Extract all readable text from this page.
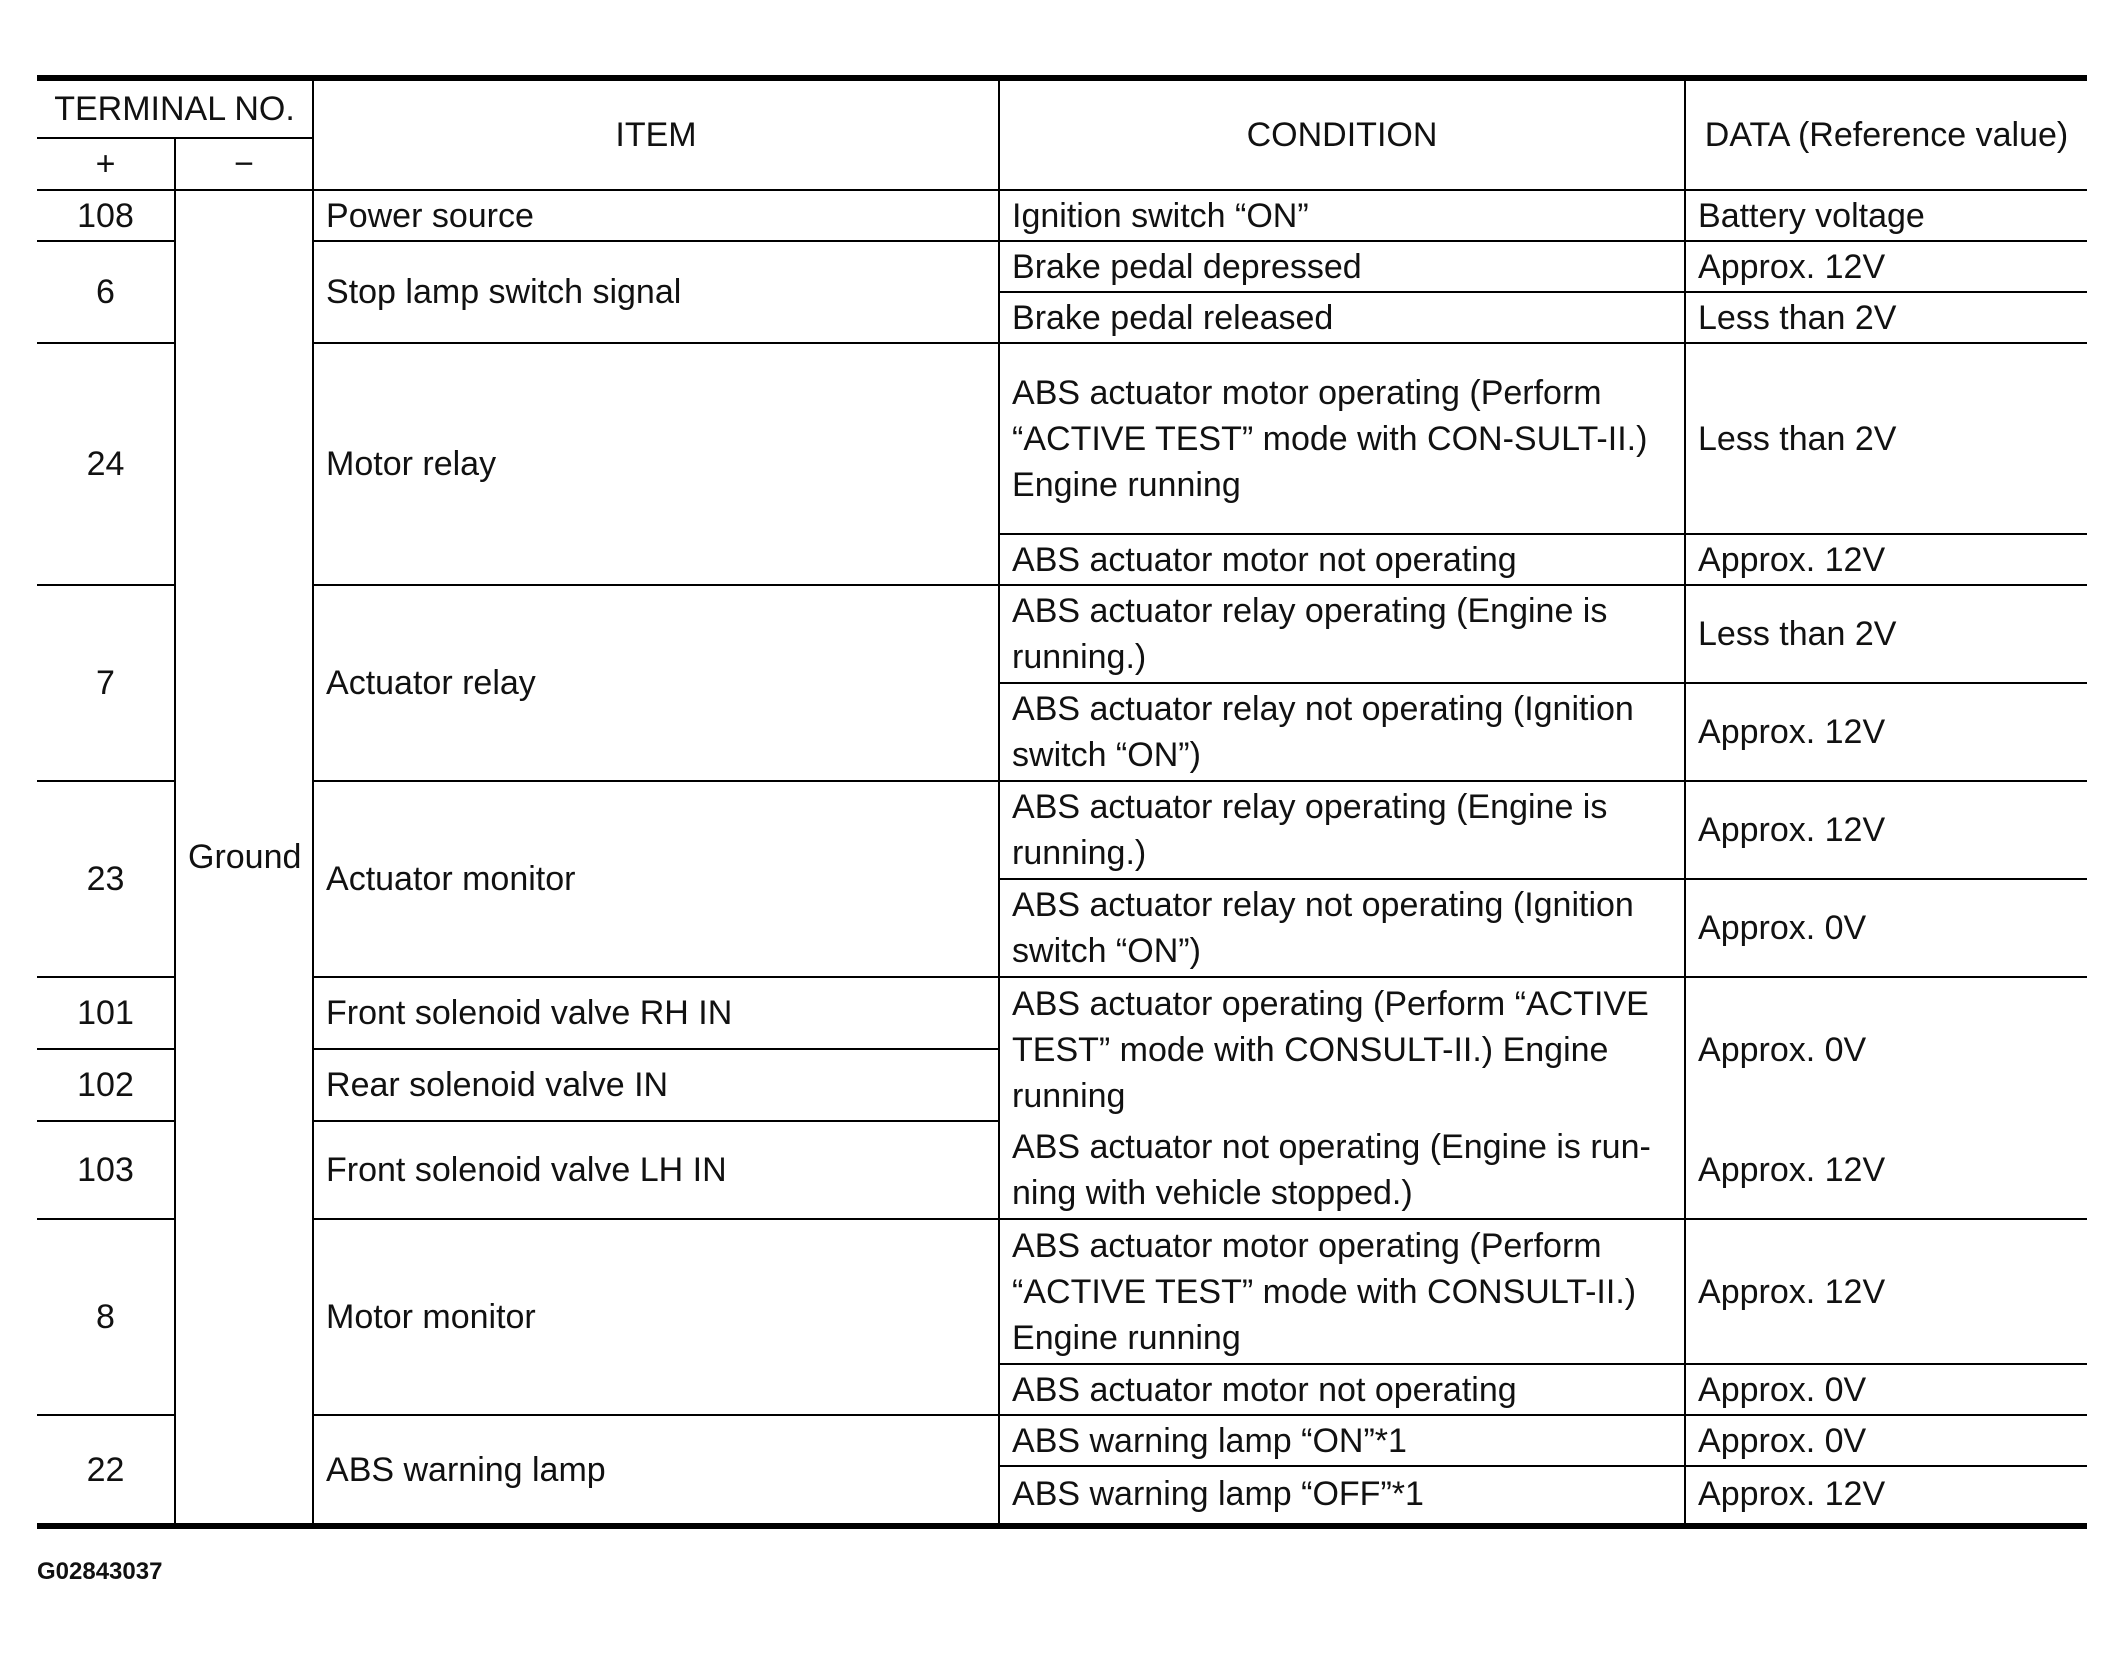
TERMINAL NO.		ITEM	CONDITION	DATA (Reference value)
+	−			
108	Ground	Power source	Ignition switch “ON”	Battery voltage
6		Stop lamp switch signal	Brake pedal depressed	Approx. 12V
			Brake pedal released	Less than 2V
24		Motor relay	ABS actuator motor operating (Perform “ACTIVE TEST” mode with CON-SULT-II.) Engine running	Less than 2V
			ABS actuator motor not operating	Approx. 12V
7		Actuator relay	ABS actuator relay operating (Engine is running.)	Less than 2V
			ABS actuator relay not operating (Ignition switch “ON”)	Approx. 12V
23		Actuator monitor	ABS actuator relay operating (Engine is running.)	Approx. 12V
			ABS actuator relay not operating (Ignition switch “ON”)	Approx. 0V
101		Front solenoid valve RH IN	ABS actuator operating (Perform “ACTIVE TEST” mode with CONSULT-II.) Engine running	Approx. 0V
102		Rear solenoid valve IN		
103		Front solenoid valve LH IN	ABS actuator not operating (Engine is run-ning with vehicle stopped.)	Approx. 12V
8		Motor monitor	ABS actuator motor operating (Perform “ACTIVE TEST” mode with CONSULT-II.) Engine running	Approx. 12V
			ABS actuator motor not operating	Approx. 0V
22		ABS warning lamp	ABS warning lamp “ON”*1	Approx. 0V
			ABS warning lamp “OFF”*1	Approx. 12V
G02843037
